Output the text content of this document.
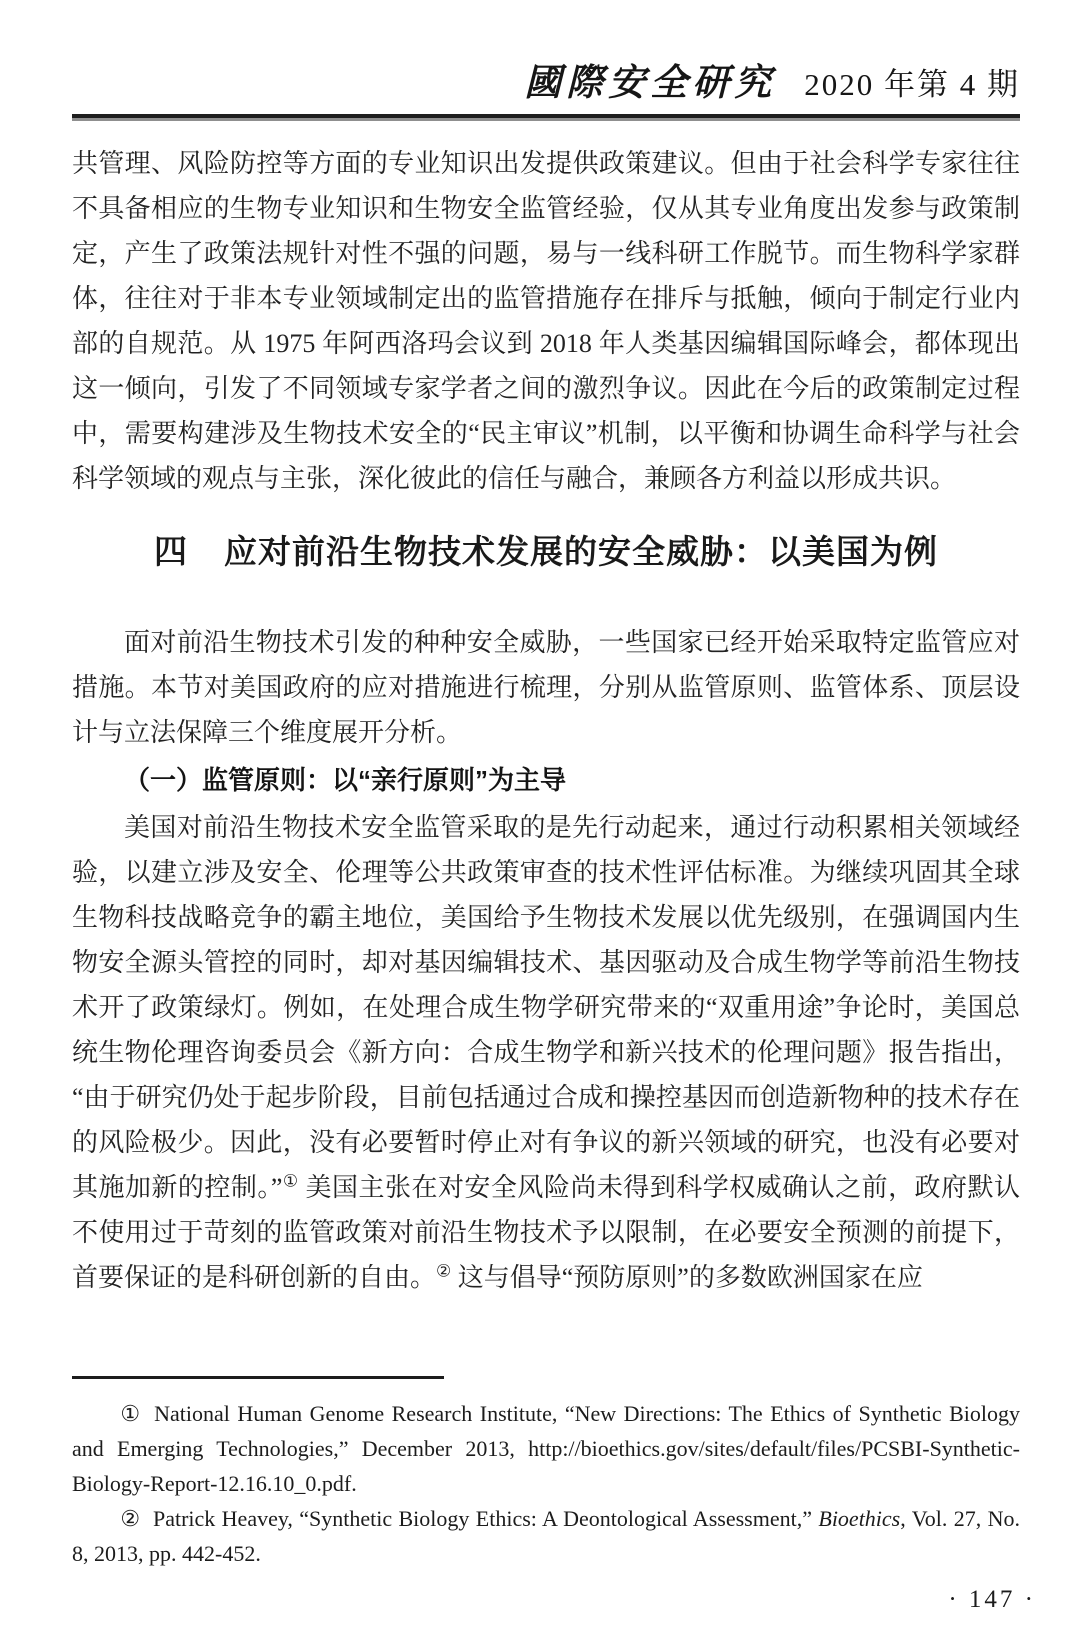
國際安全研究 2020 年第 4 期

共管理、风险防控等方面的专业知识出发提供政策建议。但由于社会科学专家往往不具备相应的生物专业知识和生物安全监管经验，仅从其专业角度出发参与政策制定，产生了政策法规针对性不强的问题，易与一线科研工作脱节。而生物科学家群体，往往对于非本专业领域制定出的监管措施存在排斥与抵触，倾向于制定行业内部的自规范。从 1975 年阿西洛玛会议到 2018 年人类基因编辑国际峰会，都体现出这一倾向，引发了不同领域专家学者之间的激烈争议。因此在今后的政策制定过程中，需要构建涉及生物技术安全的“民主审议”机制，以平衡和协调生命科学与社会科学领域的观点与主张，深化彼此的信任与融合，兼顾各方利益以形成共识。

四 应对前沿生物技术发展的安全威胁：以美国为例

面对前沿生物技术引发的种种安全威胁，一些国家已经开始采取特定监管应对措施。本节对美国政府的应对措施进行梳理，分别从监管原则、监管体系、顶层设计与立法保障三个维度展开分析。

（一）监管原则：以“亲行原则”为主导

美国对前沿生物技术安全监管采取的是先行动起来，通过行动积累相关领域经验，以建立涉及安全、伦理等公共政策审查的技术性评估标准。为继续巩固其全球生物科技战略竞争的霸主地位，美国给予生物技术发展以优先级别，在强调国内生物安全源头管控的同时，却对基因编辑技术、基因驱动及合成生物学等前沿生物技术开了政策绿灯。例如，在处理合成生物学研究带来的“双重用途”争论时，美国总统生物伦理咨询委员会《新方向：合成生物学和新兴技术的伦理问题》报告指出，“由于研究仍处于起步阶段，目前包括通过合成和操控基因而创造新物种的技术存在的风险极少。因此，没有必要暂时停止对有争议的新兴领域的研究，也没有必要对其施加新的控制。”① 美国主张在对安全风险尚未得到科学权威确认之前，政府默认不使用过于苛刻的监管政策对前沿生物技术予以限制，在必要安全预测的前提下，首要保证的是科研创新的自由。② 这与倡导“预防原则”的多数欧洲国家在应

① National Human Genome Research Institute, “New Directions: The Ethics of Synthetic Biology and Emerging Technologies,” December 2013, http://bioethics.gov/sites/default/files/PCSBI-Synthetic-Biology-Report-12.16.10_0.pdf.

② Patrick Heavey, “Synthetic Biology Ethics: A Deontological Assessment,” Bioethics, Vol. 27, No. 8, 2013, pp. 442-452.

· 147 ·
